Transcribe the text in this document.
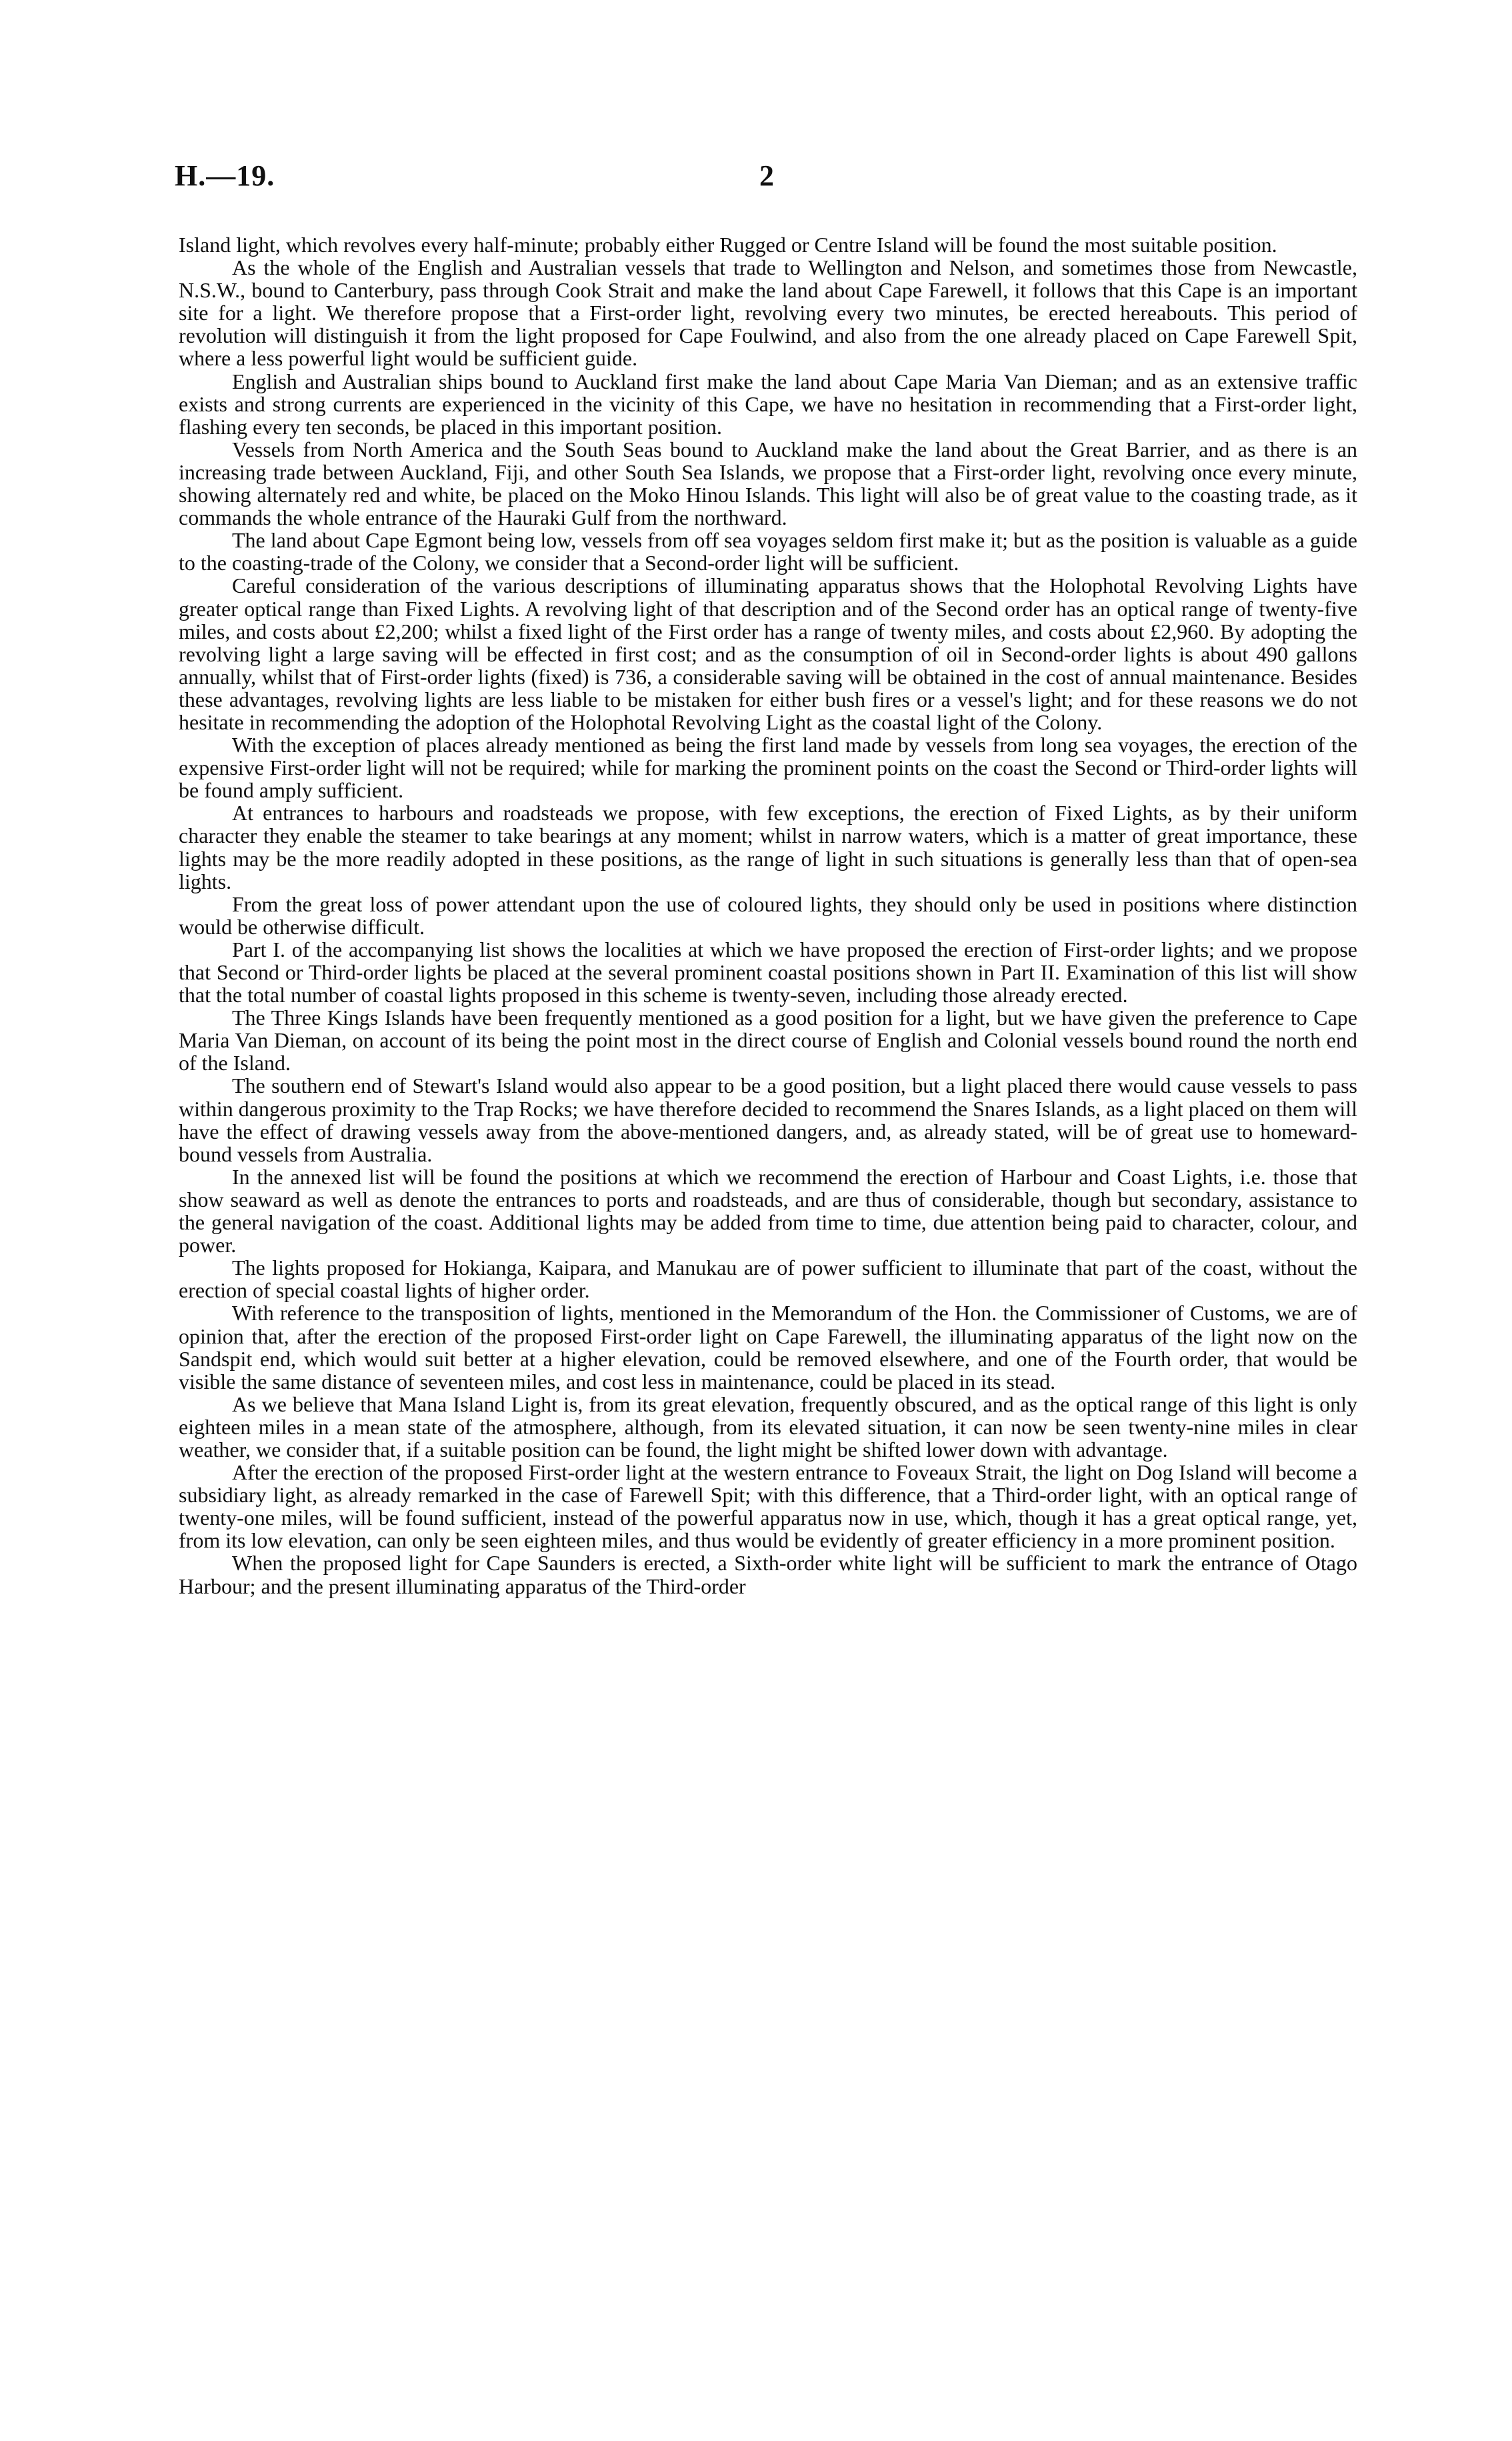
H.—19.	2

Island light, which revolves every half-minute; probably either Rugged or Centre Island will be found the most suitable position.

As the whole of the English and Australian vessels that trade to Wellington and Nelson, and sometimes those from Newcastle, N.S.W., bound to Canterbury, pass through Cook Strait and make the land about Cape Farewell, it follows that this Cape is an important site for a light. We therefore propose that a First-order light, revolving every two minutes, be erected hereabouts. This period of revolution will distinguish it from the light proposed for Cape Foulwind, and also from the one already placed on Cape Farewell Spit, where a less powerful light would be sufficient guide.

English and Australian ships bound to Auckland first make the land about Cape Maria Van Dieman; and as an extensive traffic exists and strong currents are experienced in the vicinity of this Cape, we have no hesitation in recommending that a First-order light, flashing every ten seconds, be placed in this important position.

Vessels from North America and the South Seas bound to Auckland make the land about the Great Barrier, and as there is an increasing trade between Auckland, Fiji, and other South Sea Islands, we propose that a First-order light, revolving once every minute, showing alternately red and white, be placed on the Moko Hinou Islands. This light will also be of great value to the coasting trade, as it commands the whole entrance of the Hauraki Gulf from the northward.

The land about Cape Egmont being low, vessels from off sea voyages seldom first make it; but as the position is valuable as a guide to the coasting-trade of the Colony, we consider that a Second-order light will be sufficient.

Careful consideration of the various descriptions of illuminating apparatus shows that the Holophotal Revolving Lights have greater optical range than Fixed Lights. A revolving light of that description and of the Second order has an optical range of twenty-five miles, and costs about £2,200; whilst a fixed light of the First order has a range of twenty miles, and costs about £2,960. By adopting the revolving light a large saving will be effected in first cost; and as the consumption of oil in Second-order lights is about 490 gallons annually, whilst that of First-order lights (fixed) is 736, a considerable saving will be obtained in the cost of annual maintenance. Besides these advantages, revolving lights are less liable to be mistaken for either bush fires or a vessel's light; and for these reasons we do not hesitate in recommending the adoption of the Holophotal Revolving Light as the coastal light of the Colony.

With the exception of places already mentioned as being the first land made by vessels from long sea voyages, the erection of the expensive First-order light will not be required; while for marking the prominent points on the coast the Second or Third-order lights will be found amply sufficient.

At entrances to harbours and roadsteads we propose, with few exceptions, the erection of Fixed Lights, as by their uniform character they enable the steamer to take bearings at any moment; whilst in narrow waters, which is a matter of great importance, these lights may be the more readily adopted in these positions, as the range of light in such situations is generally less than that of open-sea lights.

From the great loss of power attendant upon the use of coloured lights, they should only be used in positions where distinction would be otherwise difficult.

Part I. of the accompanying list shows the localities at which we have proposed the erection of First-order lights; and we propose that Second or Third-order lights be placed at the several prominent coastal positions shown in Part II. Examination of this list will show that the total number of coastal lights proposed in this scheme is twenty-seven, including those already erected.

The Three Kings Islands have been frequently mentioned as a good position for a light, but we have given the preference to Cape Maria Van Dieman, on account of its being the point most in the direct course of English and Colonial vessels bound round the north end of the Island.

The southern end of Stewart's Island would also appear to be a good position, but a light placed there would cause vessels to pass within dangerous proximity to the Trap Rocks; we have therefore decided to recommend the Snares Islands, as a light placed on them will have the effect of drawing vessels away from the above-mentioned dangers, and, as already stated, will be of great use to homeward-bound vessels from Australia.

In the annexed list will be found the positions at which we recommend the erection of Harbour and Coast Lights, i.e. those that show seaward as well as denote the entrances to ports and roadsteads, and are thus of considerable, though but secondary, assistance to the general navigation of the coast. Additional lights may be added from time to time, due attention being paid to character, colour, and power.

The lights proposed for Hokianga, Kaipara, and Manukau are of power sufficient to illuminate that part of the coast, without the erection of special coastal lights of higher order.

With reference to the transposition of lights, mentioned in the Memorandum of the Hon. the Commissioner of Customs, we are of opinion that, after the erection of the proposed First-order light on Cape Farewell, the illuminating apparatus of the light now on the Sandspit end, which would suit better at a higher elevation, could be removed elsewhere, and one of the Fourth order, that would be visible the same distance of seventeen miles, and cost less in maintenance, could be placed in its stead.

As we believe that Mana Island Light is, from its great elevation, frequently obscured, and as the optical range of this light is only eighteen miles in a mean state of the atmosphere, although, from its elevated situation, it can now be seen twenty-nine miles in clear weather, we consider that, if a suitable position can be found, the light might be shifted lower down with advantage.

After the erection of the proposed First-order light at the western entrance to Foveaux Strait, the light on Dog Island will become a subsidiary light, as already remarked in the case of Farewell Spit; with this difference, that a Third-order light, with an optical range of twenty-one miles, will be found sufficient, instead of the powerful apparatus now in use, which, though it has a great optical range, yet, from its low elevation, can only be seen eighteen miles, and thus would be evidently of greater efficiency in a more prominent position.

When the proposed light for Cape Saunders is erected, a Sixth-order white light will be sufficient to mark the entrance of Otago Harbour; and the present illuminating apparatus of the Third-order
